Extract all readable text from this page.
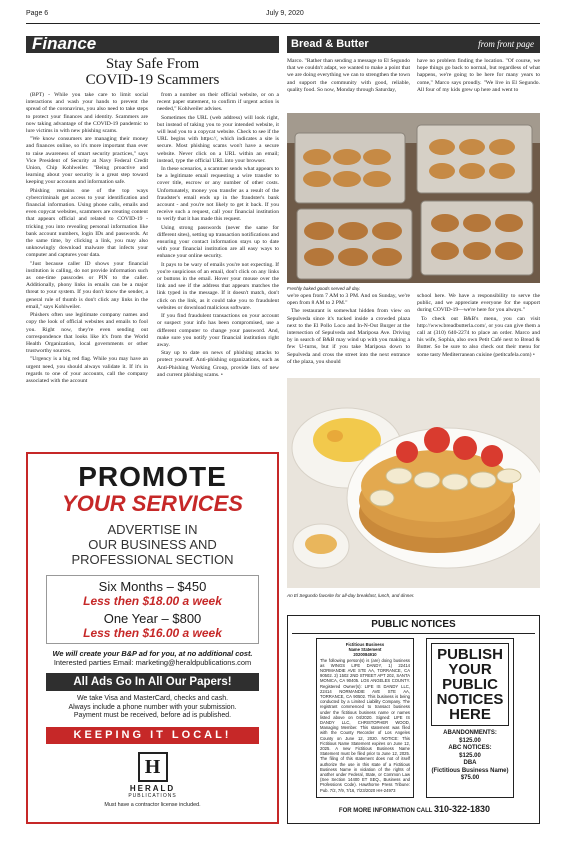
Page 6	July 9, 2020
Finance	Bread & Butter	from front page
Stay Safe From
COVID-19 Scammers

(BPT) - While you take care to limit social interactions and wash your hands to prevent the spread of the coronavirus, you also need to take steps to protect your finances and identity. Scammers are now taking advantage of the COVID-19 pandemic to lure victims in with new phishing scams.

"We know consumers are managing their money and finances online, so it's more important than ever to raise awareness of smart security practices," says Vice President of Security at Navy Federal Credit Union, Chip Kohlweiler. "Being proactive and learning about your security is a great step toward keeping your accounts and information safe.

Phishing remains one of the top ways cybercriminals get access to your identification and financial information. Using phone calls, emails and even copycat websites, scammers are creating content that appears official and related to COVID-19 - tricking you into revealing personal information like bank account numbers, login IDs and passwords. At the same time, by clicking a link, you may also unknowingly download malware that infects your computer and captures your data.

"Just because caller ID shows your financial institution is calling, do not provide information such as one-time passcodes or PIN to the caller. Additionally, phony links in emails can be a major threat to your system. If you don't know the sender, a general rule of thumb is don't click any links in the email," says Kohlweiler.

Phishers often use legitimate company names and copy the look of official websites and emails to fool you. Right now, they're even sending out correspondence that looks like it's from the World Health Organization, local governments or other trustworthy sources.

"Urgency is a big red flag. While you may have an urgent need, you should always validate it. If it's in regards to one of your accounts, call the company associated with the account

from a number on their official website, or on a recent paper statement, to confirm if urgent action is needed," Kohlweiler advises.

Sometimes the URL (web address) will look right, but instead of taking you to your intended website, it will lead you to a copycat website. Check to see if the URL begins with https://, which indicates a site is secure. Most phishing scams won't have a secure website. Never click on a URL within an email; instead, type the official URL into your browser.

In these scenarios, a scammer sends what appears to be a legitimate email requesting a wire transfer to cover title, escrow or any number of other costs. Unfortunately, money you transfer as a result of the fraudster's email ends up in the fraudster's bank account - and you're not likely to get it back. If you receive such a request, call your financial institution to verify that it has made this request.

Using strong passwords (never the same for different sites), setting up transaction notifications and ensuring your contact information stays up to date with your financial institution are all easy ways to enhance your online security.

It pays to be wary of emails you're not expecting. If you're suspicious of an email, don't click on any links or buttons in the email. Hover your mouse over the link and see if the address that appears matches the link typed in the message. If it doesn't match, don't click on the link, as it could take you to fraudulent websites or download malicious software.

If you find fraudulent transactions on your account or suspect your info has been compromised, use a different computer to change your password. And, make sure you notify your financial institution right away.

Stay up to date on news of phishing attacks to protect yourself. Anti-phishing organizations, such as Anti-Phishing Working Group, provide lists of new and current phishing scams. •

Marco. "Rather than sending a message to El Segundo that we couldn't adapt, we wanted to make a point that we are doing everything we can to strengthen the town and support the community with good, reliable, quality food. So now, Monday through Saturday,

have no problem finding the location. "Of course, we hope things go back to normal, but regardless of what happens, we're going to be here for many years to come," Marco says proudly. "We live in El Segundo. All four of my kids grew up here and went to

Freshly baked goods served all day.

we're open from 7 AM to 3 PM. And on Sunday, we're open from 8 AM to 2 PM."

The restaurant is somewhat hidden from view on Sepulveda since it's tucked inside a crowded plaza next to the El Pollo Loco and In-N-Out Burger at the intersection of Sepulveda and Mariposa Ave. Driving by in search of B&B may wind up with you making a few U-turns, but if you take Mariposa down to Sepulveda and cross the street into the next entrance of the plaza, you should

school here. We have a responsibility to serve the public, and we appreciate everyone for the support during COVID-19—we're here for you always."

To check out B&B's menu, you can visit http://www.breadbutterla.com/, or you can give them a call at (310) 640-2274 to place an order. Marco and his wife, Sophia, also own Petit Café next to Bread & Butter. So be sure to also check out their menu for some tasty Mediterranean cuisine (petitcafela.com) •

An El Segundo favorite for all-day breakfast, lunch, and dinner.
PROMOTE
YOUR SERVICES
ADVERTISE IN
OUR BUSINESS AND
PROFESSIONAL SECTION
Six Months – $450
Less then $18.00 a week
One Year – $800
Less then $16.00 a week
We will create your B&P ad for you, at no additional cost.
Interested parties Email: marketing@heraldpublications.com
All Ads Go In All Our Papers!
We take Visa and MasterCard, checks and cash.
Always include a phone number with your submission.
Payment must be received, before ad is published.
KEEPING IT LOCAL!
H
HERALD
PUBLICATIONS
Must have a contractor license included.
PUBLIC NOTICES
Fictitious Business
Name Statement
2020084910
The following person(s) is (are) doing business as WINGS LIFE DANDY, 1) 22414 NORMANDIE AVE STE AA, TORRANCE, CA 90502. 2) 1502 2ND STREET APT 202, SANTA MONICA, CA 90405. LOS ANGELES COUNTY. Registered Owner(s): LIFE IS DANDY LLC, 22414 NORMANDIE AVE STE AA, TORRANCE, CA 90502. This business is being conducted by a Limited Liability Company. The registrant commenced to transact business under the fictitious business name or names listed above on 04/2020. Signed: LIFE IS DANDY LLC, CHRISTOPHER WOOD, Managing Member. This statement was filed with the County Recorder of Los Angeles County on June 12, 2020. NOTICE: This Fictitious Name Statement expires on June 12, 2025. A new Fictitious Business Name Statement must be filed prior to June 12, 2025. The filing of this statement does not of itself authorize the use in this state of a Fictitious Business Name in violation of the rights of another under Federal, State, or Common Law (See Section 14400 ET SEQ., Business and Professions Code). Hawthorne Press Tribune: Pub. 7/2, 7/9, 7/16, 7/23/2020 HH-24973
PUBLISH YOUR PUBLIC NOTICES HERE
ABANDONMENTS:
$125.00
ABC NOTICES:
$125.00
DBA
(Fictitious Business Name)
$75.00
FOR MORE INFORMATION CALL 310-322-1830
